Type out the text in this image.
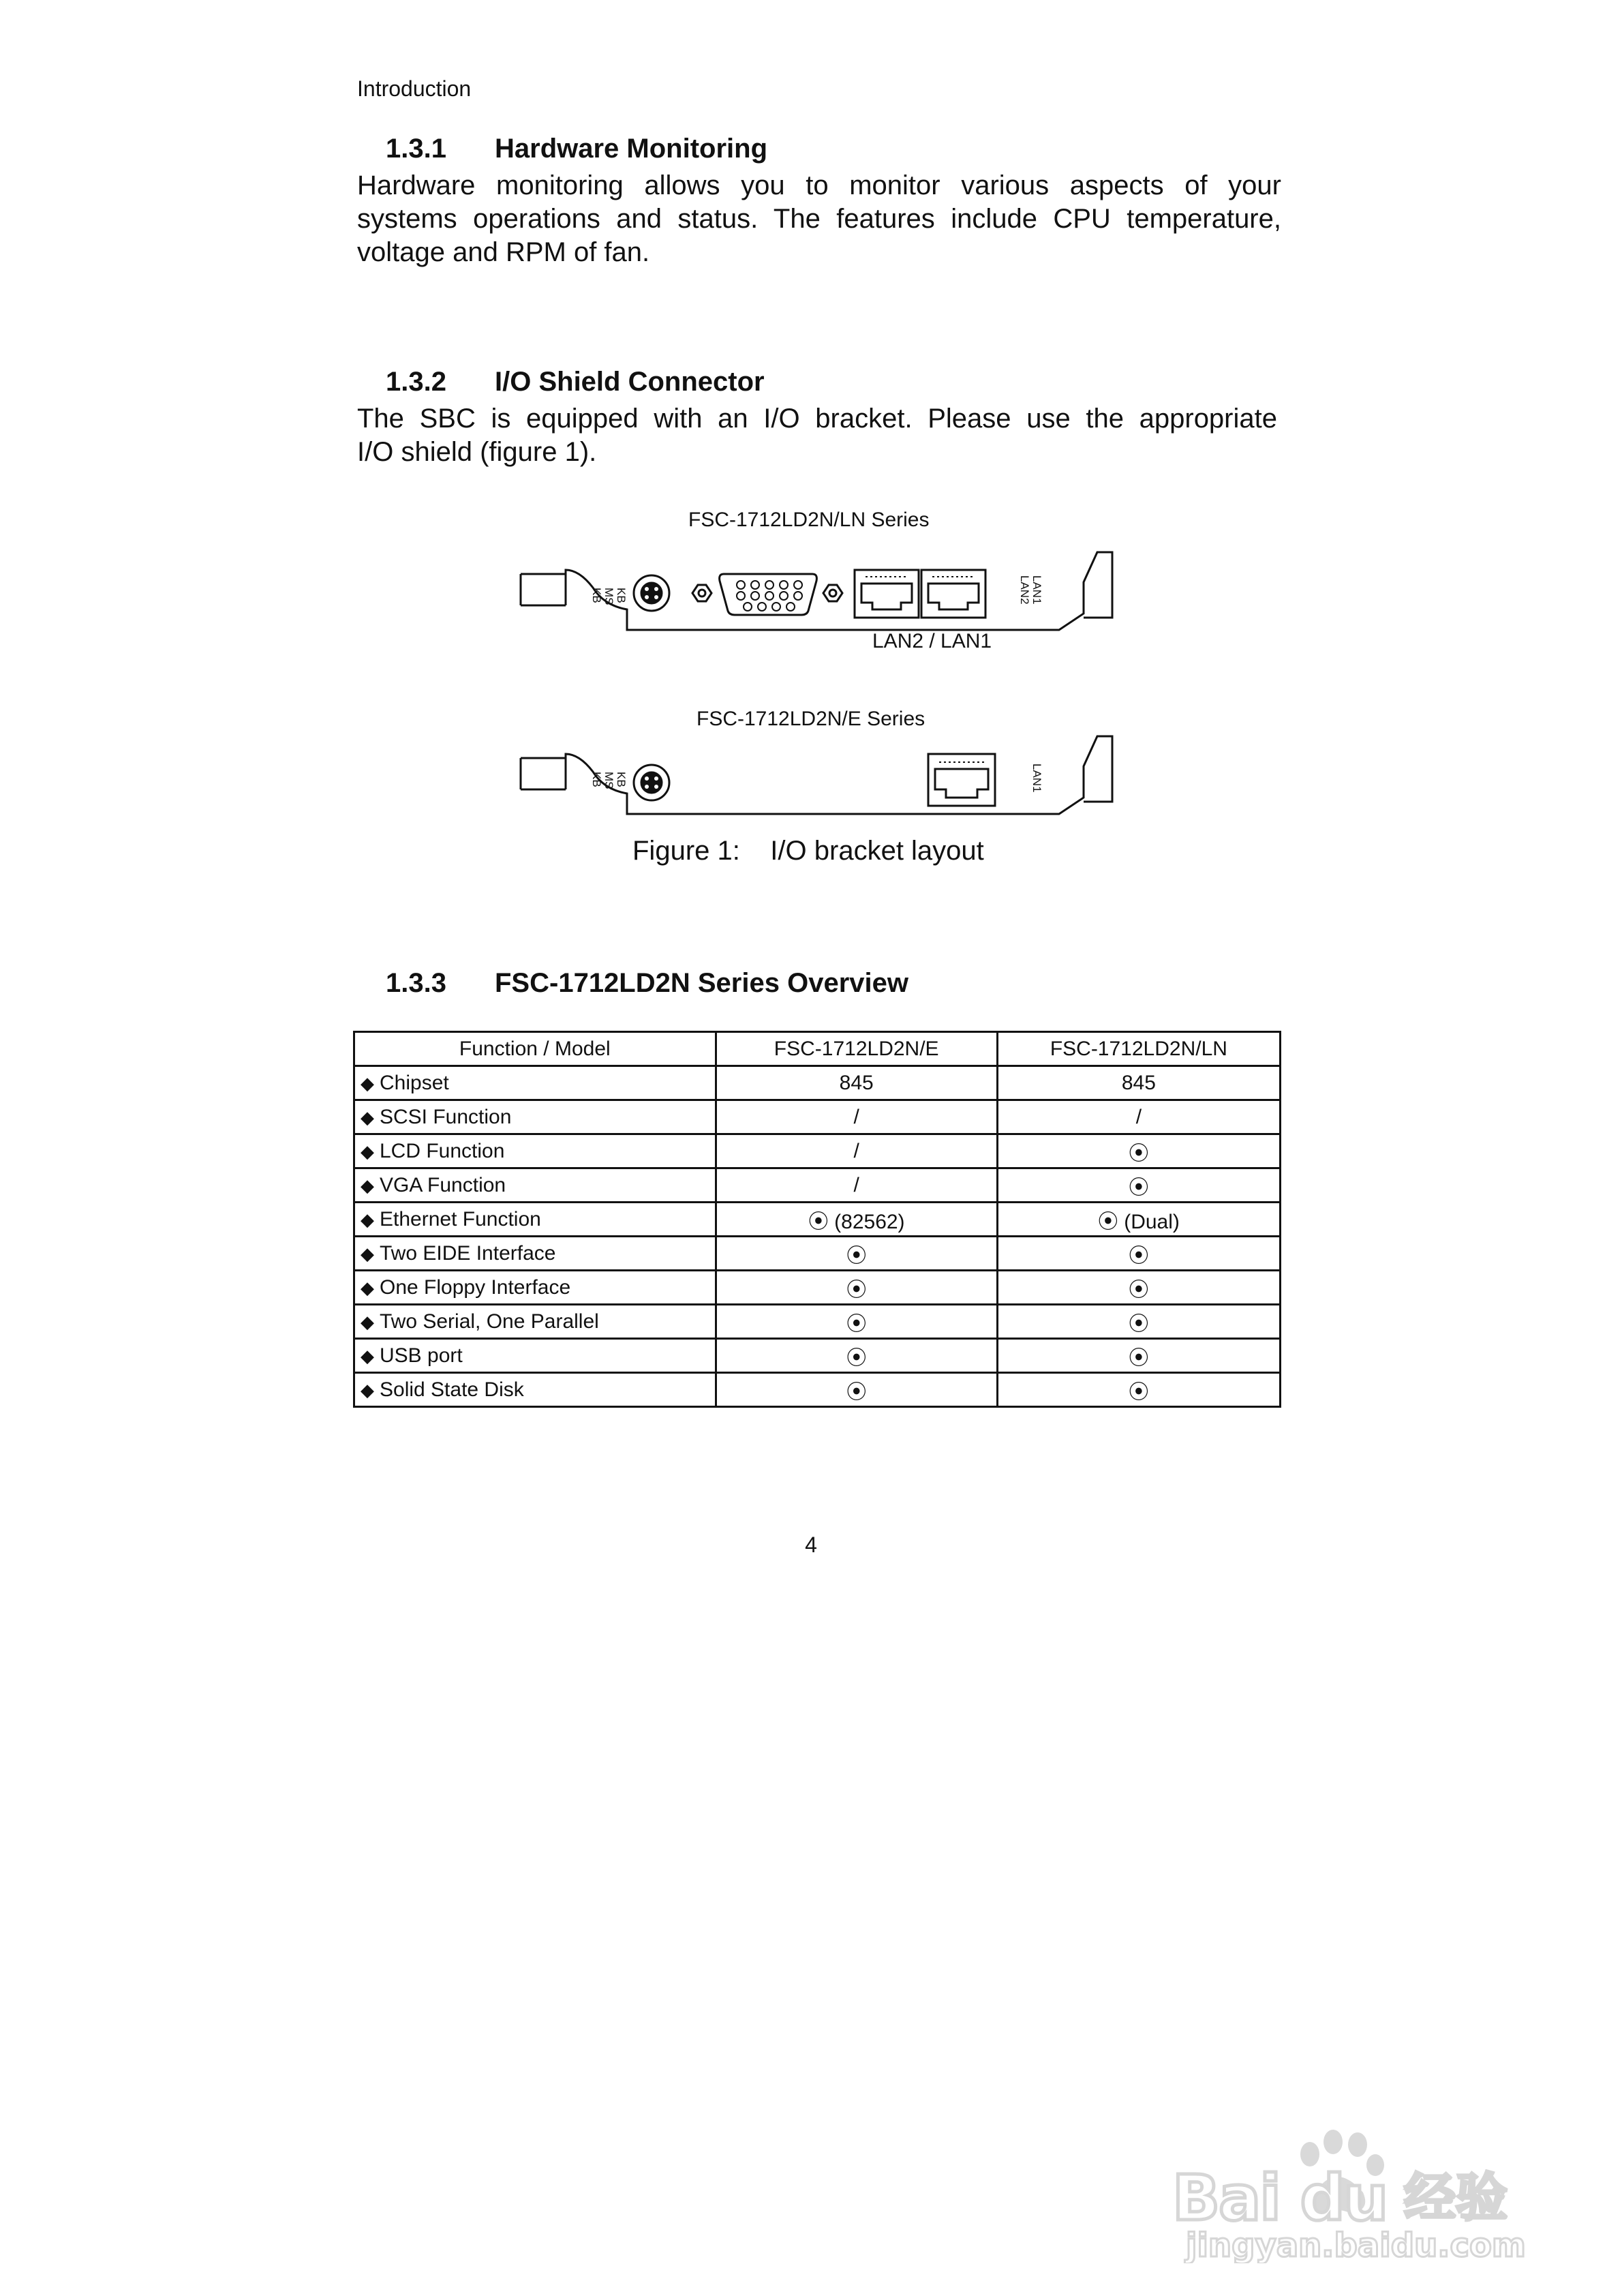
Introduction
1.3.1 Hardware Monitoring
Hardware monitoring allows you to monitor various aspects of your
systems operations and status. The features include CPU temperature,
voltage and RPM of fan.
1.3.2 I/O Shield Connector
The SBC is equipped with an I/O bracket. Please use the appropriate
I/O shield (figure 1).
FSC-1712LD2N/LN Series
KB
MS
KB	LAN1
LAN2
LAN2 / LAN1
FSC-1712LD2N/E Series
KB
MS
KB	LAN1
Figure 1:    I/O bracket layout
1.3.3 FSC-1712LD2N Series Overview
Function / Model	FSC-1712LD2N/E	FSC-1712LD2N/LN
◆ Chipset	845	845
◆ SCSI Function	/	/
◆ LCD Function	/	⦿
◆ VGA Function	/	⦿
◆ Ethernet Function	⦿ (82562)	⦿ (Dual)
◆ Two EIDE Interface	⦿	⦿
◆ One Floppy Interface	⦿	⦿
◆ Two Serial, One Parallel	⦿	⦿
◆ USB port	⦿	⦿
◆ Solid State Disk	⦿	⦿
4
Bai du 经验
jingyan.baidu.com
